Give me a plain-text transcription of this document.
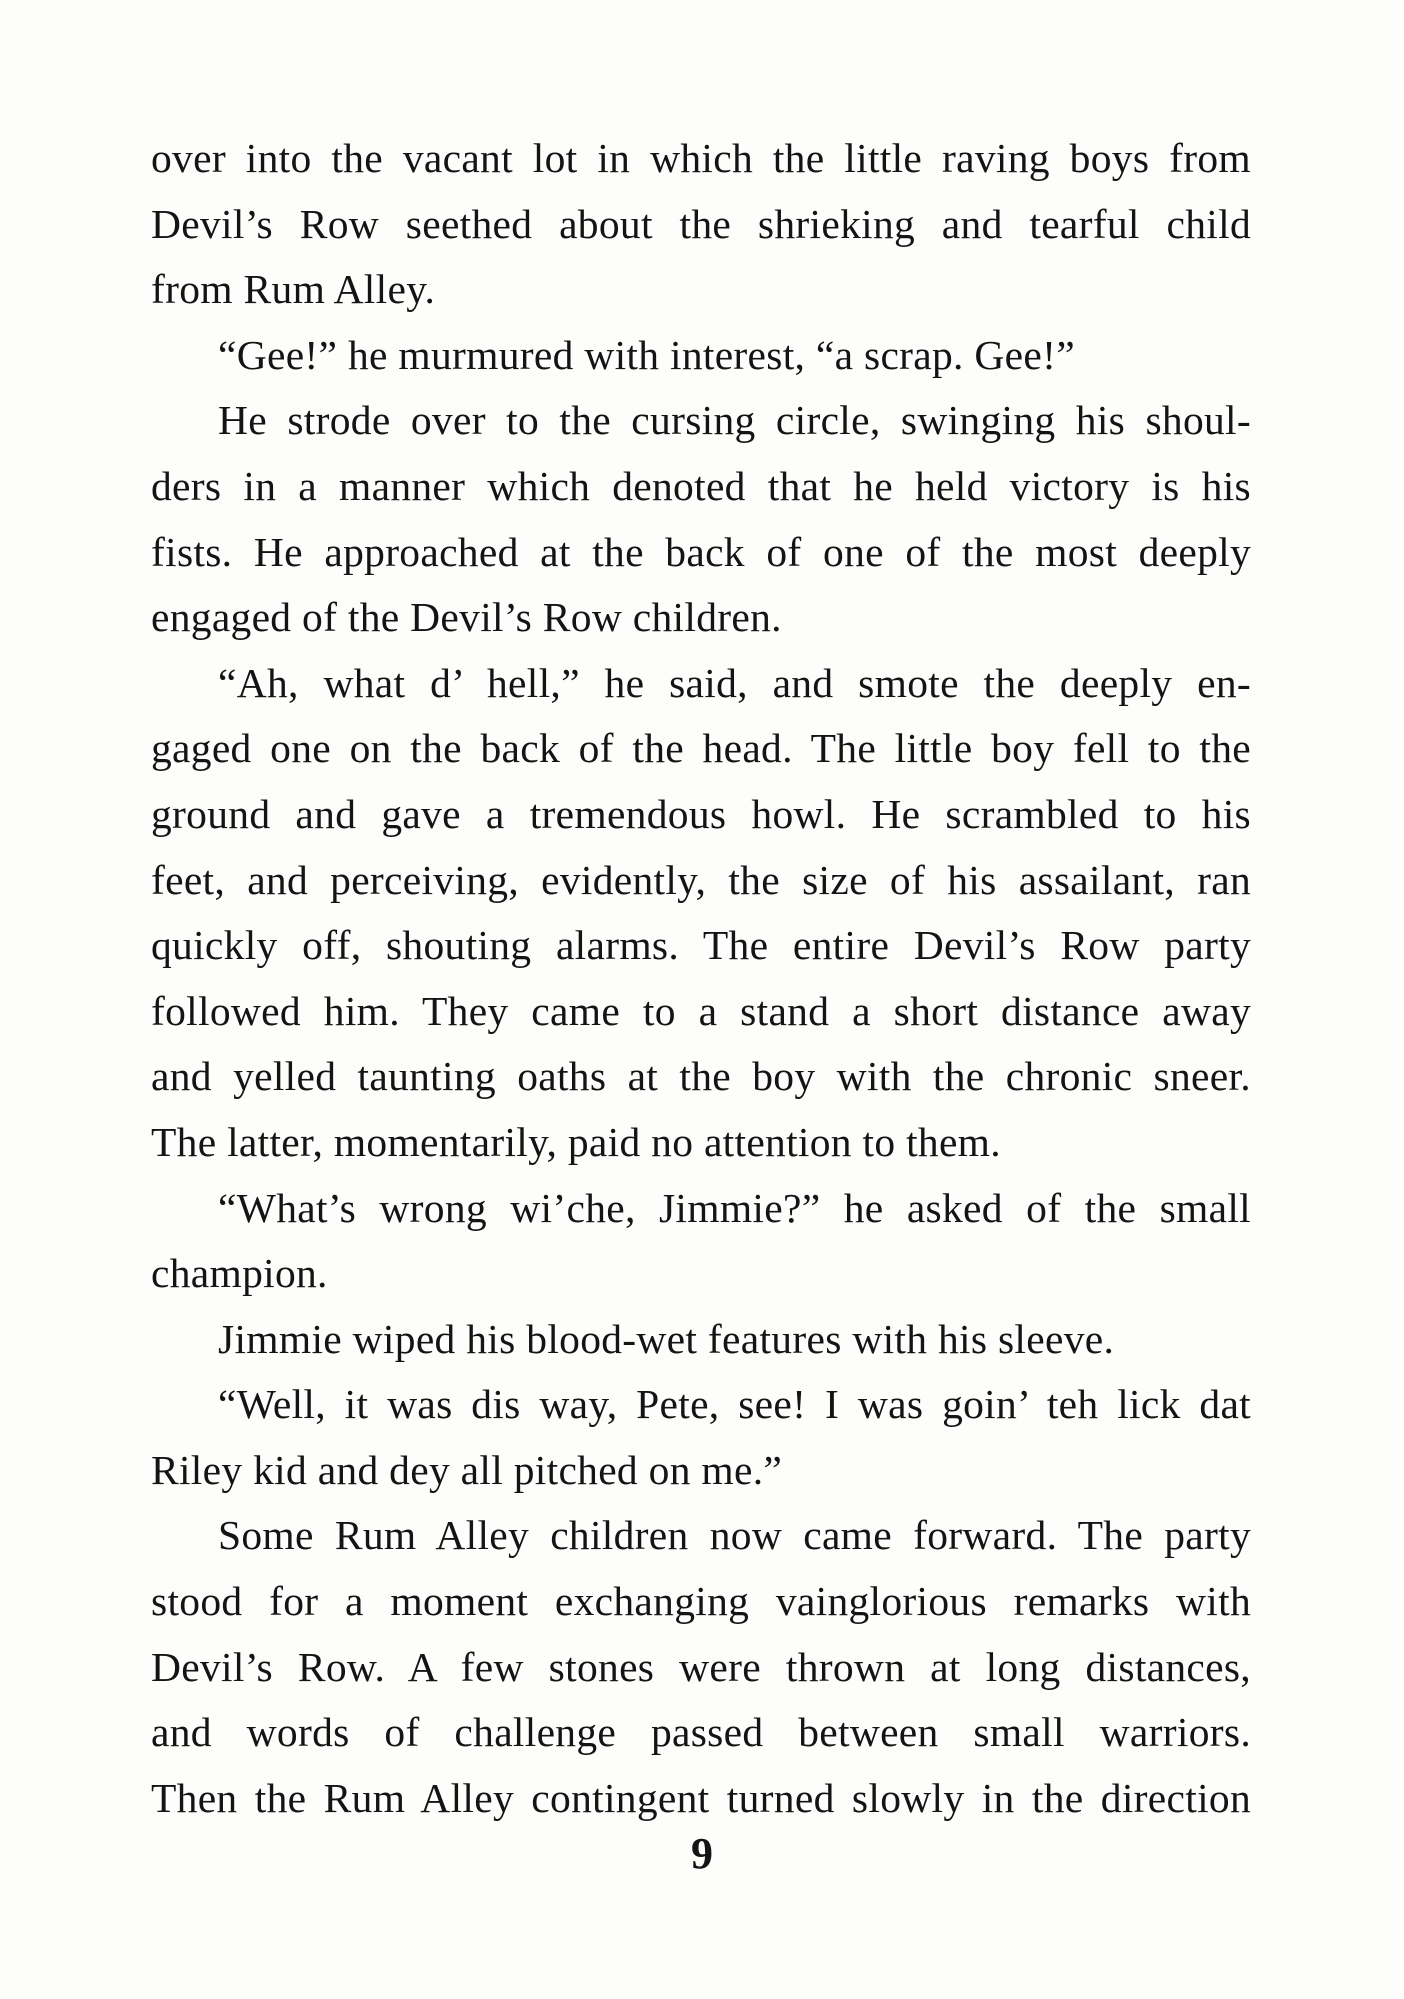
over into the vacant lot in which the little raving boys from
Devil’s Row seethed about the shrieking and tearful child
from Rum Alley.
“Gee!” he murmured with interest, “a scrap. Gee!”
He strode over to the cursing circle, swinging his shoul-
ders in a manner which denoted that he held victory is his
fists. He approached at the back of one of the most deeply
engaged of the Devil’s Row children.
“Ah, what d’ hell,” he said, and smote the deeply en-
gaged one on the back of the head. The little boy fell to the
ground and gave a tremendous howl. He scrambled to his
feet, and perceiving, evidently, the size of his assailant, ran
quickly off, shouting alarms. The entire Devil’s Row party
followed him. They came to a stand a short distance away
and yelled taunting oaths at the boy with the chronic sneer.
The latter, momentarily, paid no attention to them.
“What’s wrong wi’che, Jimmie?” he asked of the small
champion.
Jimmie wiped his blood-wet features with his sleeve.
“Well, it was dis way, Pete, see! I was goin’ teh lick dat
Riley kid and dey all pitched on me.”
Some Rum Alley children now came forward. The party
stood for a moment exchanging vainglorious remarks with
Devil’s Row. A few stones were thrown at long distances,
and words of challenge passed between small warriors.
Then the Rum Alley contingent turned slowly in the direction
9
